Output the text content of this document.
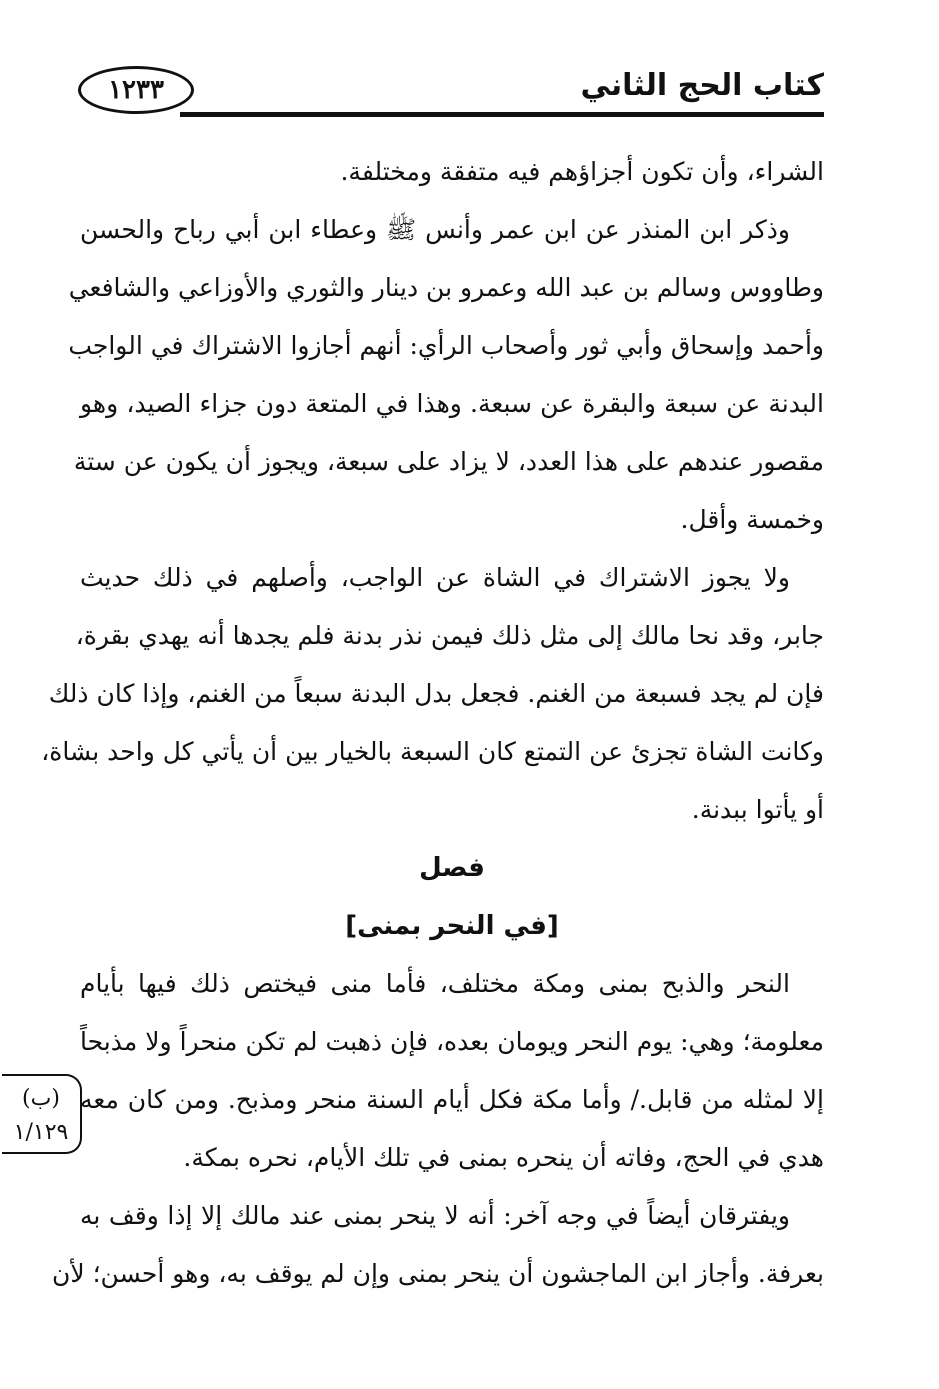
١٢٣٣	كتاب الحج الثاني
الشراء، وأن تكون أجزاؤهم فيه متفقة ومختلفة.
وذكر ابن المنذر عن ابن عمر وأنس ﷺ وعطاء ابن أبي رباح والحسن
وطاووس وسالم بن عبد الله وعمرو بن دينار والثوري والأوزاعي والشافعي
وأحمد وإسحاق وأبي ثور وأصحاب الرأي: أنهم أجازوا الاشتراك في الواجب
البدنة عن سبعة والبقرة عن سبعة. وهذا في المتعة دون جزاء الصيد، وهو
مقصور عندهم على هذا العدد، لا يزاد على سبعة، ويجوز أن يكون عن ستة
وخمسة وأقل.
ولا يجوز الاشتراك في الشاة عن الواجب، وأصلهم في ذلك حديث
جابر، وقد نحا مالك إلى مثل ذلك فيمن نذر بدنة فلم يجدها أنه يهدي بقرة،
فإن لم يجد فسبعة من الغنم. فجعل بدل البدنة سبعاً من الغنم، وإذا كان ذلك
وكانت الشاة تجزئ عن التمتع كان السبعة بالخيار بين أن يأتي كل واحد بشاة،
أو يأتوا ببدنة.
فصل
[في النحر بمنى]
النحر والذبح بمنى ومكة مختلف، فأما منى فيختص ذلك فيها بأيام
معلومة؛ وهي: يوم النحر ويومان بعده، فإن ذهبت لم تكن منحراً ولا مذبحاً
إلا لمثله من قابل./ وأما مكة فكل أيام السنة منحر ومذبح. ومن كان معه
هدي في الحج، وفاته أن ينحره بمنى في تلك الأيام، نحره بمكة.
ويفترقان أيضاً في وجه آخر: أنه لا ينحر بمنى عند مالك إلا إذا وقف به
بعرفة. وأجاز ابن الماجشون أن ينحر بمنى وإن لم يوقف به، وهو أحسن؛ لأن
(ب)
١/١٢٩
